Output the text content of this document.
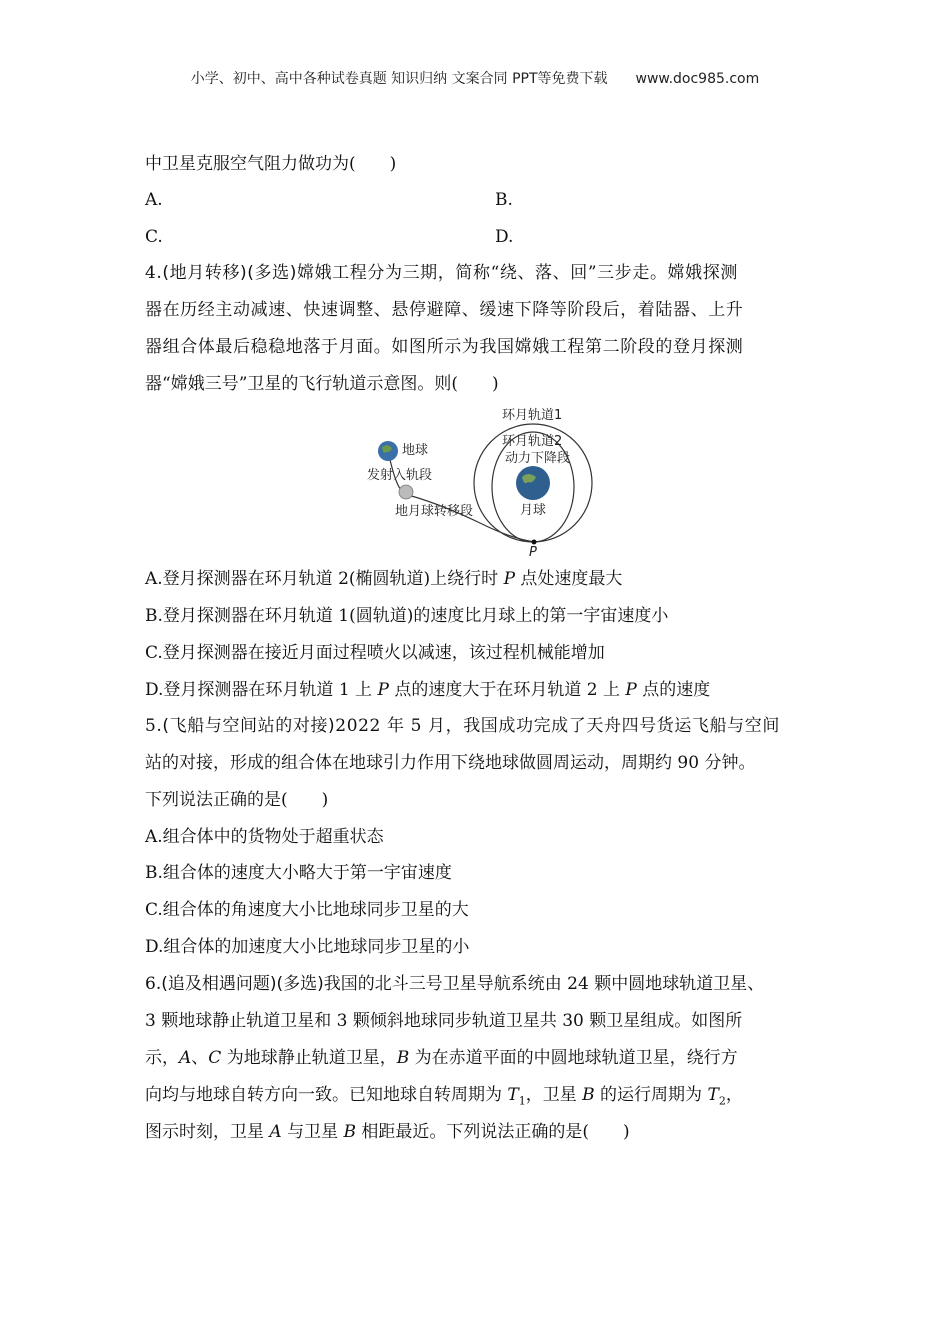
小学、初中、高中各种试卷真题 知识归纳 文案合同 PPT等免费下载 www.doc985.com
中卫星克服空气阻力做功为(　　)
A.	B.
C.	D.
4.(地月转移)(多选)嫦娥工程分为三期，简称“绕、落、回”三步走。嫦娥探测
器在历经主动减速、快速调整、悬停避障、缓速下降等阶段后，着陆器、上升
器组合体最后稳稳地落于月面。如图所示为我国嫦娥工程第二阶段的登月探测
器“嫦娥三号”卫星的飞行轨道示意图。则(　　)
环月轨道1
环月轨道2
动力下降段
地球
发射入轨段
地月球转移段	月球
P
A.登月探测器在环月轨道 2(椭圆轨道)上绕行时 P 点处速度最大
B.登月探测器在环月轨道 1(圆轨道)的速度比月球上的第一宇宙速度小
C.登月探测器在接近月面过程喷火以减速，该过程机械能增加
D.登月探测器在环月轨道 1 上 P 点的速度大于在环月轨道 2 上 P 点的速度
5.(飞船与空间站的对接)2022 年 5 月，我国成功完成了天舟四号货运飞船与空间
站的对接，形成的组合体在地球引力作用下绕地球做圆周运动，周期约 90 分钟。
下列说法正确的是(　　)
A.组合体中的货物处于超重状态
B.组合体的速度大小略大于第一宇宙速度
C.组合体的角速度大小比地球同步卫星的大
D.组合体的加速度大小比地球同步卫星的小
6.(追及相遇问题)(多选)我国的北斗三号卫星导航系统由 24 颗中圆地球轨道卫星、
3 颗地球静止轨道卫星和 3 颗倾斜地球同步轨道卫星共 30 颗卫星组成。如图所
示，A、C 为地球静止轨道卫星，B 为在赤道平面的中圆地球轨道卫星，绕行方
向均与地球自转方向一致。已知地球自转周期为 $T_1$，卫星 B 的运行周期为 $T_2$，
图示时刻，卫星 A 与卫星 B 相距最近。下列说法正确的是(　　)
